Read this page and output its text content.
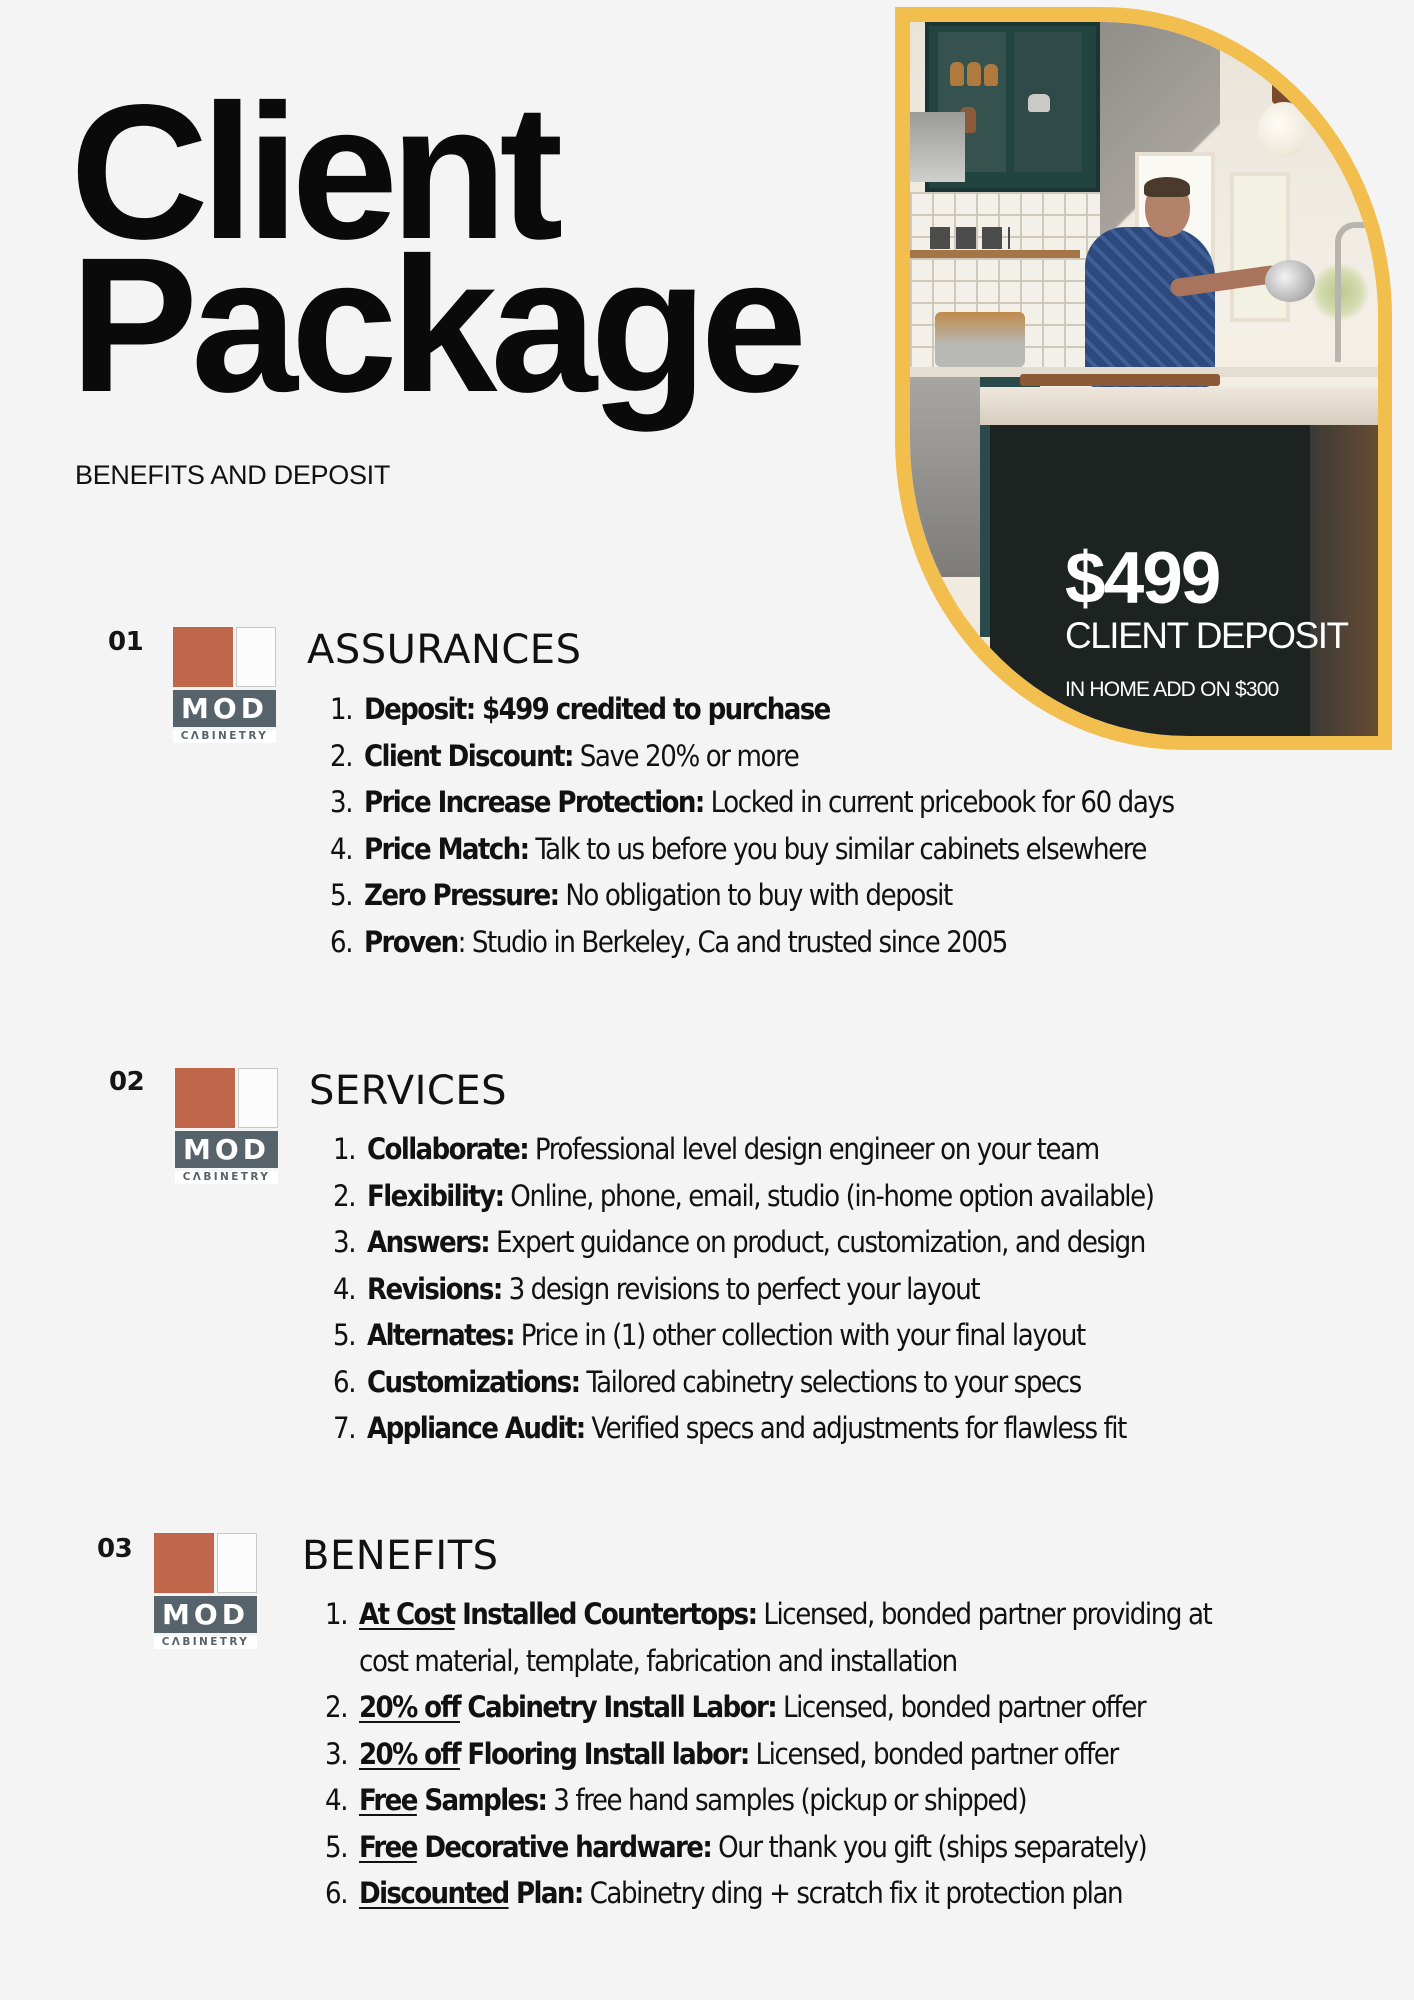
Client
Package
BENEFITS AND DEPOSIT
$499
CLIENT DEPOSIT
IN HOME ADD ON $300
01
MOD
CΛBINETRY
ASSURANCES
1. Deposit: $499 credited to purchase
2. Client Discount: Save 20% or more
3. Price Increase Protection: Locked in current pricebook for 60 days
4. Price Match: Talk to us before you buy similar cabinets elsewhere
5. Zero Pressure: No obligation to buy with deposit
6. Proven: Studio in Berkeley, Ca and trusted since 2005
02
MOD
CΛBINETRY
SERVICES
1. Collaborate: Professional level design engineer on your team
2. Flexibility: Online, phone, email, studio (in-home option available)
3. Answers: Expert guidance on product, customization, and design
4. Revisions: 3 design revisions to perfect your layout
5. Alternates: Price in (1) other collection with your final layout
6. Customizations: Tailored cabinetry selections to your specs
7. Appliance Audit: Verified specs and adjustments for flawless fit
03
MOD
CΛBINETRY
BENEFITS
1. At Cost Installed Countertops: Licensed, bonded partner providing at
cost material, template, fabrication and installation
2. 20% off Cabinetry Install Labor: Licensed, bonded partner offer
3. 20% off Flooring Install labor: Licensed, bonded partner offer
4. Free Samples: 3 free hand samples (pickup or shipped)
5. Free Decorative hardware: Our thank you gift (ships separately)
6. Discounted Plan: Cabinetry ding + scratch fix it protection plan
